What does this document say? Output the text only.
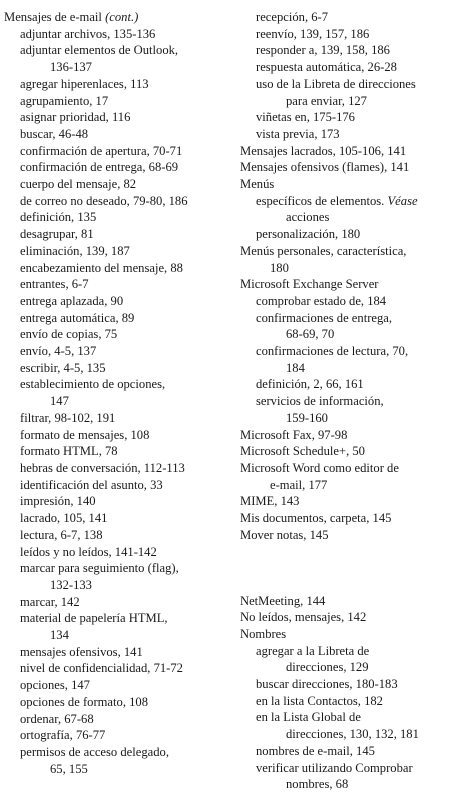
Mensajes de e-mail (cont.)
adjuntar archivos, 135-136
adjuntar elementos de Outlook,
136-137
agregar hiperenlaces, 113
agrupamiento, 17
asignar prioridad, 116
buscar, 46-48
confirmación de apertura, 70-71
confirmación de entrega, 68-69
cuerpo del mensaje, 82
de correo no deseado, 79-80, 186
definición, 135
desagrupar, 81
eliminación, 139, 187
encabezamiento del mensaje, 88
entrantes, 6-7
entrega aplazada, 90
entrega automática, 89
envío de copias, 75
envío, 4-5, 137
escribir, 4-5, 135
establecimiento de opciones,
147
filtrar, 98-102, 191
formato de mensajes, 108
formato HTML, 78
hebras de conversación, 112-113
identificación del asunto, 33
impresión, 140
lacrado, 105, 141
lectura, 6-7, 138
leídos y no leídos, 141-142
marcar para seguimiento (flag),
132-133
marcar, 142
material de papelería HTML,
134
mensajes ofensivos, 141
nivel de confidencialidad, 71-72
opciones, 147
opciones de formato, 108
ordenar, 67-68
ortografía, 76-77
permisos de acceso delegado,
65, 155
recepción, 6-7
reenvío, 139, 157, 186
responder a, 139, 158, 186
respuesta automática, 26-28
uso de la Libreta de direcciones
para enviar, 127
viñetas en, 175-176
vista previa, 173
Mensajes lacrados, 105-106, 141
Mensajes ofensivos (flames), 141
Menús
específicos de elementos. Véase
acciones
personalización, 180
Menús personales, característica,
180
Microsoft Exchange Server
comprobar estado de, 184
confirmaciones de entrega,
68-69, 70
confirmaciones de lectura, 70,
184
definición, 2, 66, 161
servicios de información,
159-160
Microsoft Fax, 97-98
Microsoft Schedule+, 50
Microsoft Word como editor de
e-mail, 177
MIME, 143
Mis documentos, carpeta, 145
Mover notas, 145
NetMeeting, 144
No leídos, mensajes, 142
Nombres
agregar a la Libreta de
direcciones, 129
buscar direcciones, 180-183
en la lista Contactos, 182
en la Lista Global de
direcciones, 130, 132, 181
nombres de e-mail, 145
verificar utilizando Comprobar
nombres, 68
